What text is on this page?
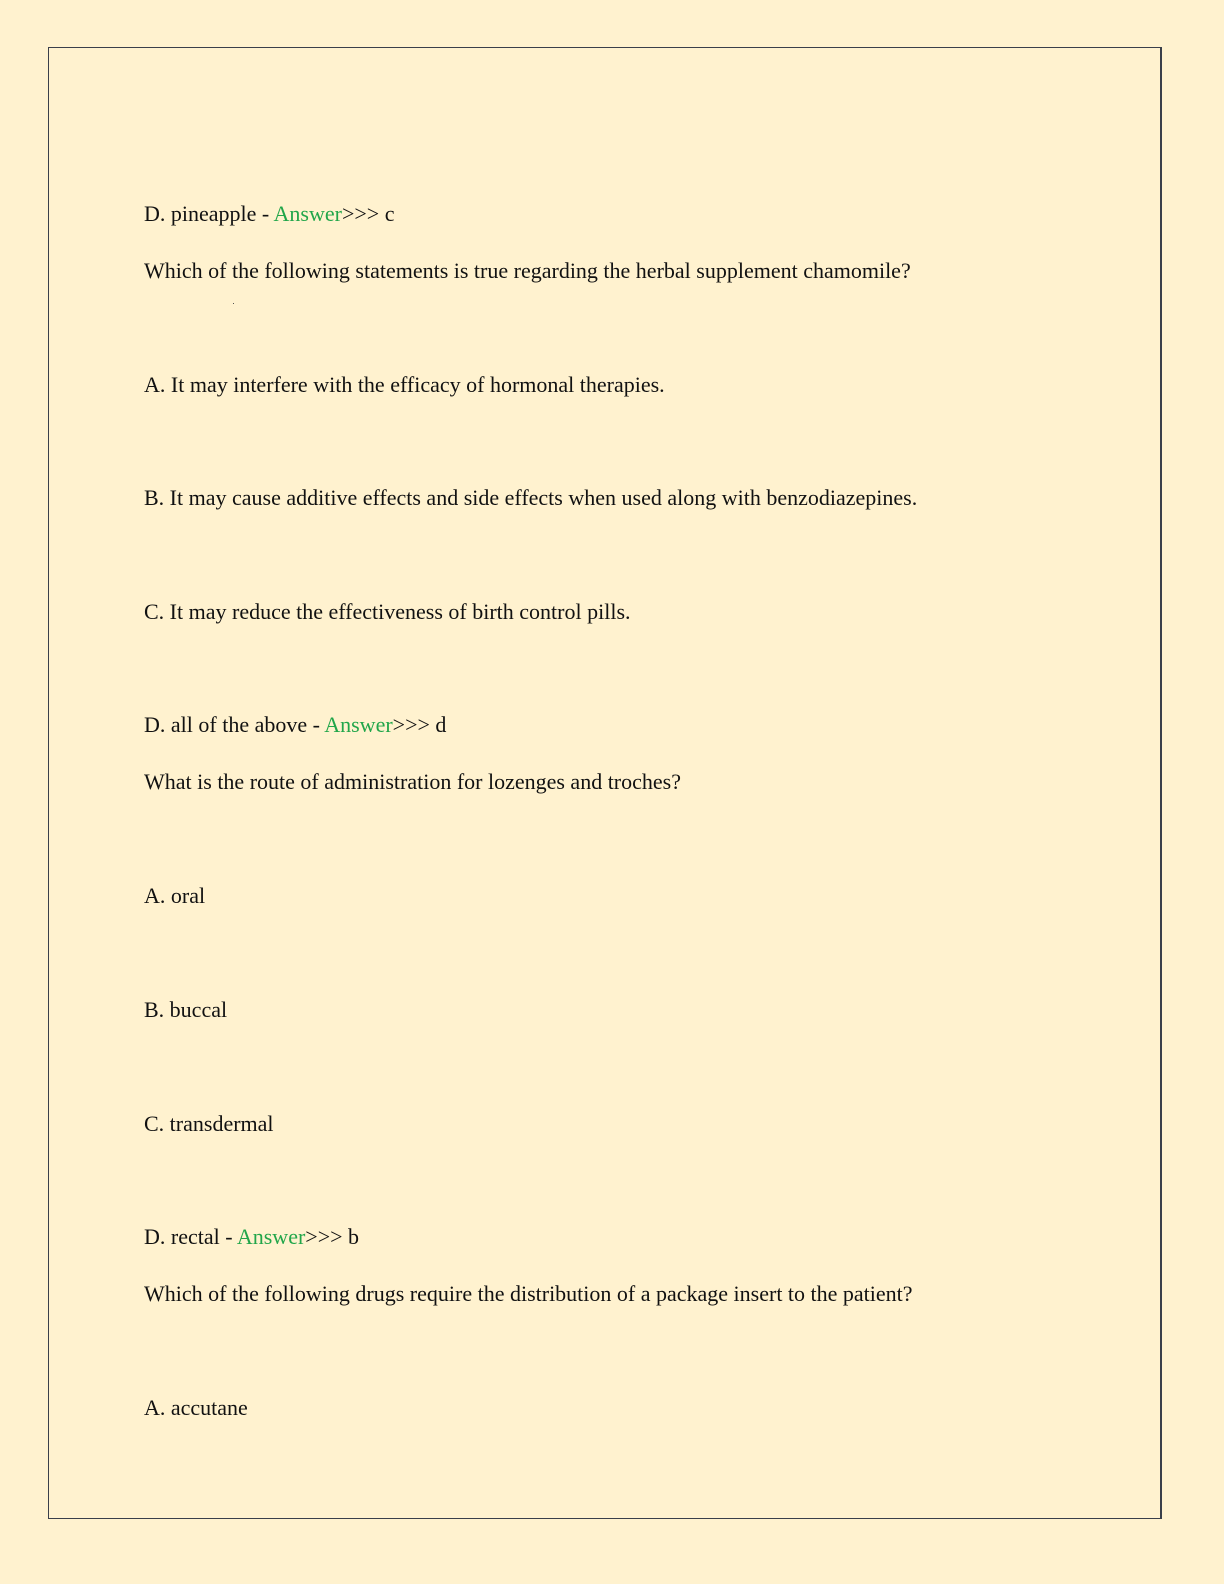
D. pineapple - Answer>>> c
Which of the following statements is true regarding the herbal supplement chamomile?
A. It may interfere with the efficacy of hormonal therapies.
B. It may cause additive effects and side effects when used along with benzodiazepines.
C. It may reduce the effectiveness of birth control pills.
D. all of the above - Answer>>> d
What is the route of administration for lozenges and troches?
A. oral
B. buccal
C. transdermal
D. rectal - Answer>>> b
Which of the following drugs require the distribution of a package insert to the patient?
A. accutane
